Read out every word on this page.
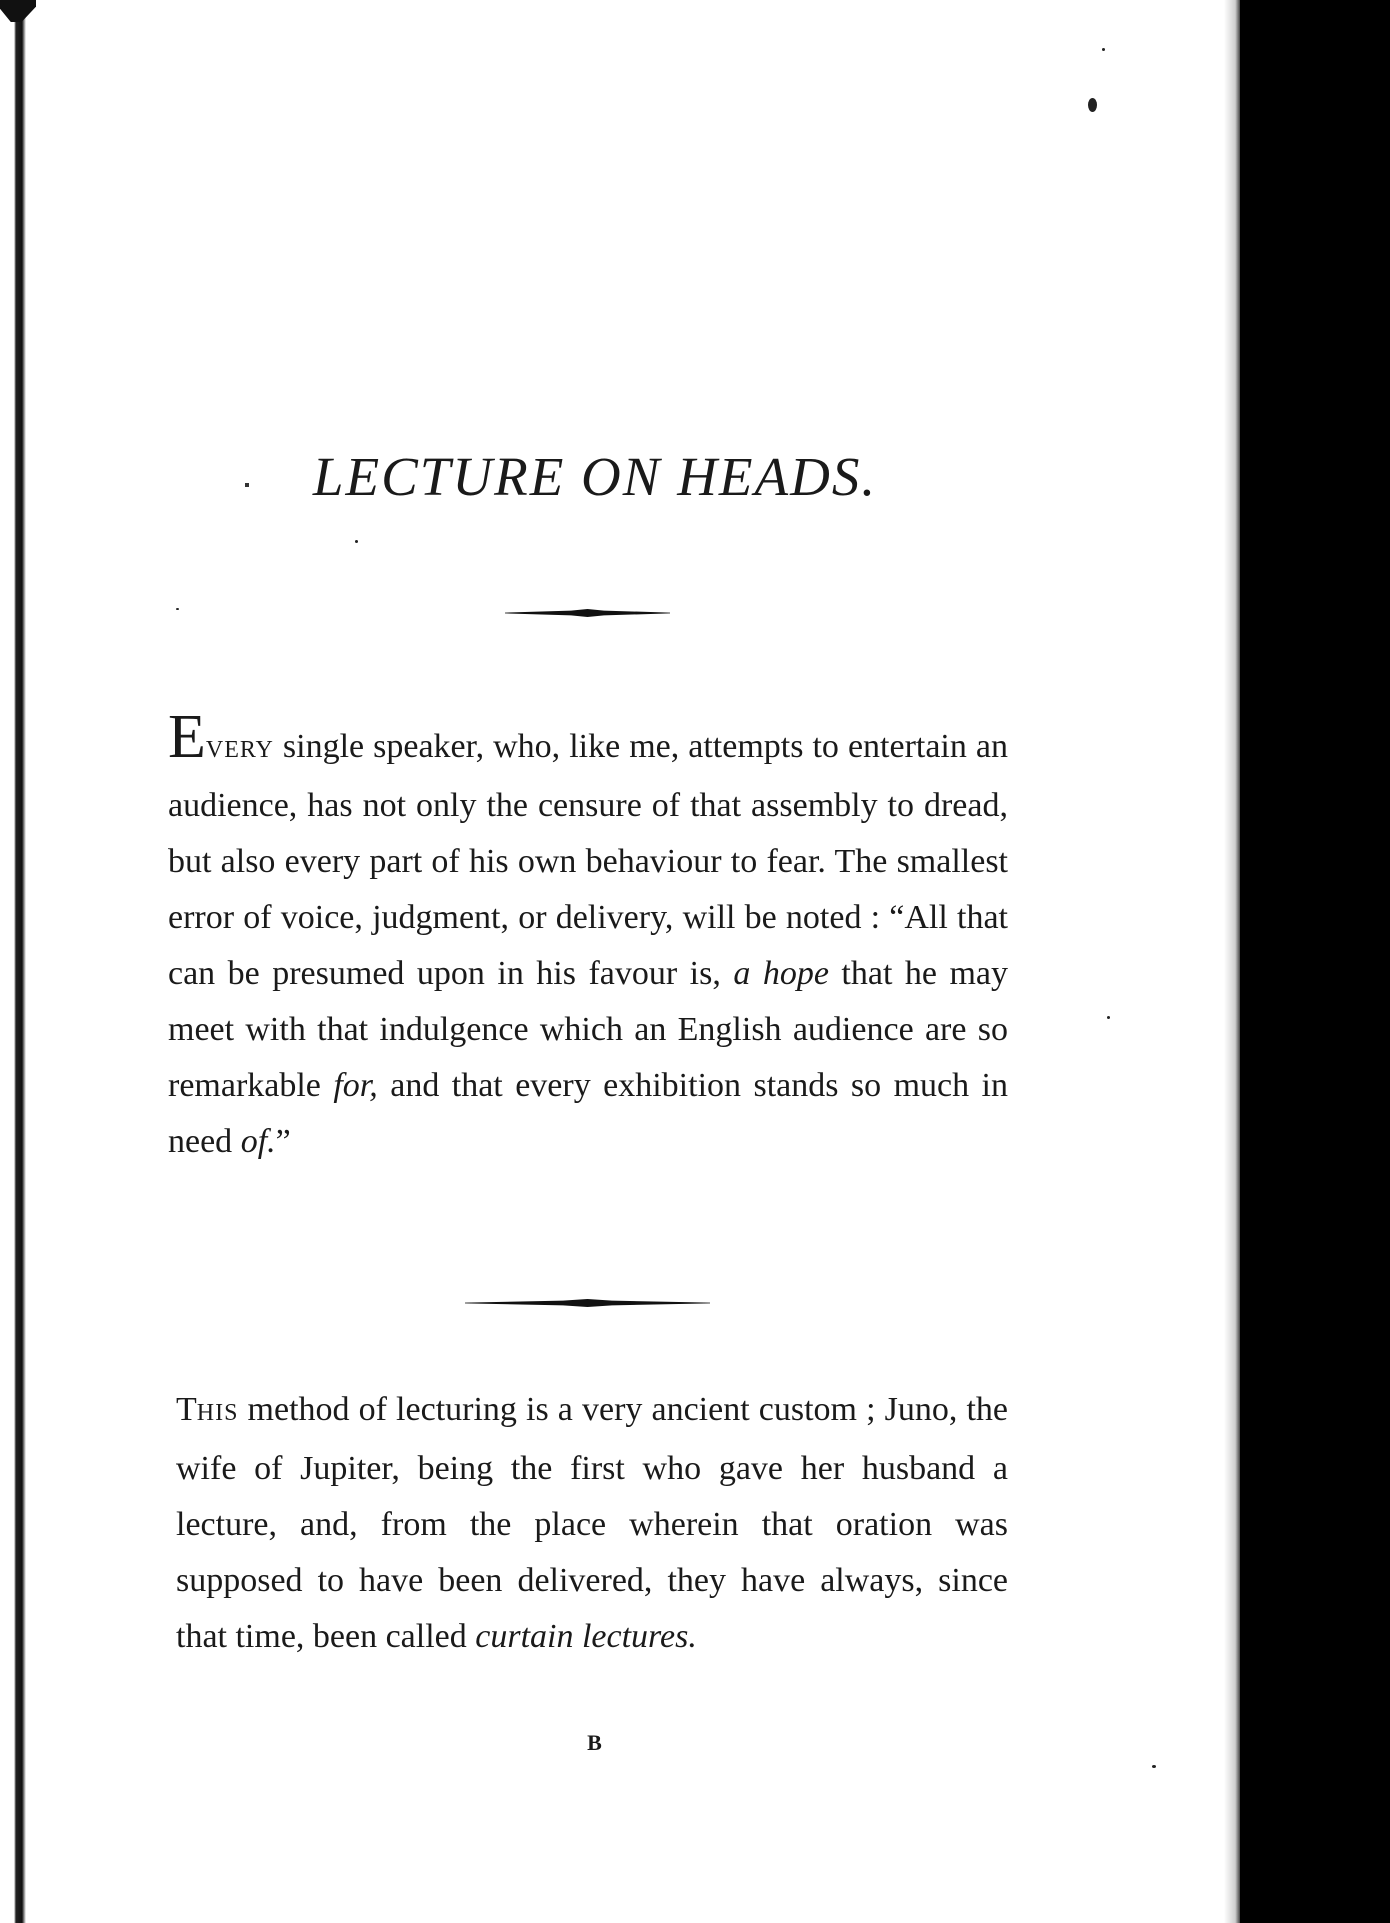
LECTURE ON HEADS.

EVERY single speaker, who, like me, attempts to entertain an audience, has not only the censure of that assembly to dread, but also every part of his own behaviour to fear. The smallest error of voice, judgment, or delivery, will be noted : “All that can be presumed upon in his favour is, a hope that he may meet with that indulgence which an English audience are so remarkable for, and that every exhibition stands so much in need of.”

THIS method of lecturing is a very ancient custom ; Juno, the wife of Jupiter, being the first who gave her husband a lecture, and, from the place wherein that oration was supposed to have been delivered, they have always, since that time, been called curtain lectures.

B
